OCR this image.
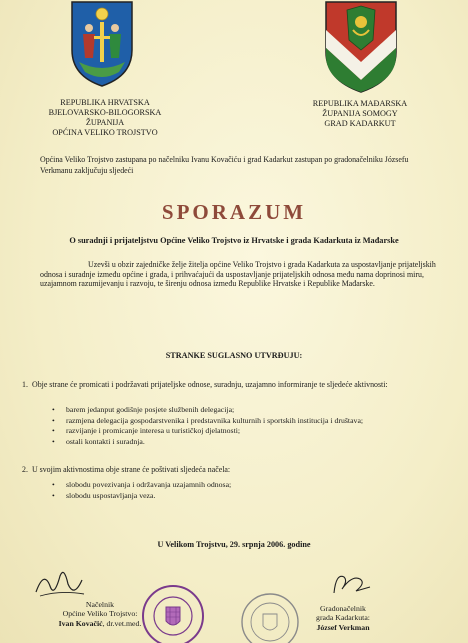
REPUBLIKA HRVATSKA
BJELOVARSKO-BILOGORSKA ŽUPANIJA
OPĆINA VELIKO TROJSTVO
REPUBLIKA MAĐARSKA
ŽUPANIJA SOMOGY
GRAD KADARKUT
Općina Veliko Trojstvo zastupana po načelniku Ivanu Kovačiću i grad Kadarkut zastupan po gradonačelniku Józsefu Verkmanu zaključuju sljedeći
SPORAZUM
O suradnji i prijateljstvu Općine Veliko Trojstvo iz Hrvatske i grada Kadarkuta iz Mađarske
Uzevši u obzir zajedničke želje žitelja općine Veliko Trojstvo i grada Kadarkuta za uspostavljanje prijateljskih odnosa i suradnje između općine i grada, i prihvaćajući da uspostavljanje prijateljskih odnosa među nama doprinosi miru, uzajamnom razumijevanju i razvoju, te širenju odnosa između Republike Hrvatske i Republike Mađarske.
STRANKE SUGLASNO UTVRĐUJU:
1. Obje strane će promicati i podržavati prijateljske odnose, suradnju, uzajamno informiranje te sljedeće aktivnosti:
• barem jedanput godišnje posjete službenih delegacija;
• razmjena delegacija gospodarstvenika i predstavnika kulturnih i sportskih institucija i društava;
• razvijanje i promicanje interesa u turističkoj djelatnosti;
• ostali kontakti i suradnja.
2. U svojim aktivnostima obje strane će poštivati sljedeća načela:
• slobodu povezivanja i održavanja uzajamnih odnosa;
• slobodu uspostavljanja veza.
U Velikom Trojstvu, 29. srpnja 2006. godine
Načelnik
Općine Veliko Trojstvo:
Ivan Kovačić, dr.vet.med.
Gradonačelnik
grada Kadarkuta:
József Verkman
